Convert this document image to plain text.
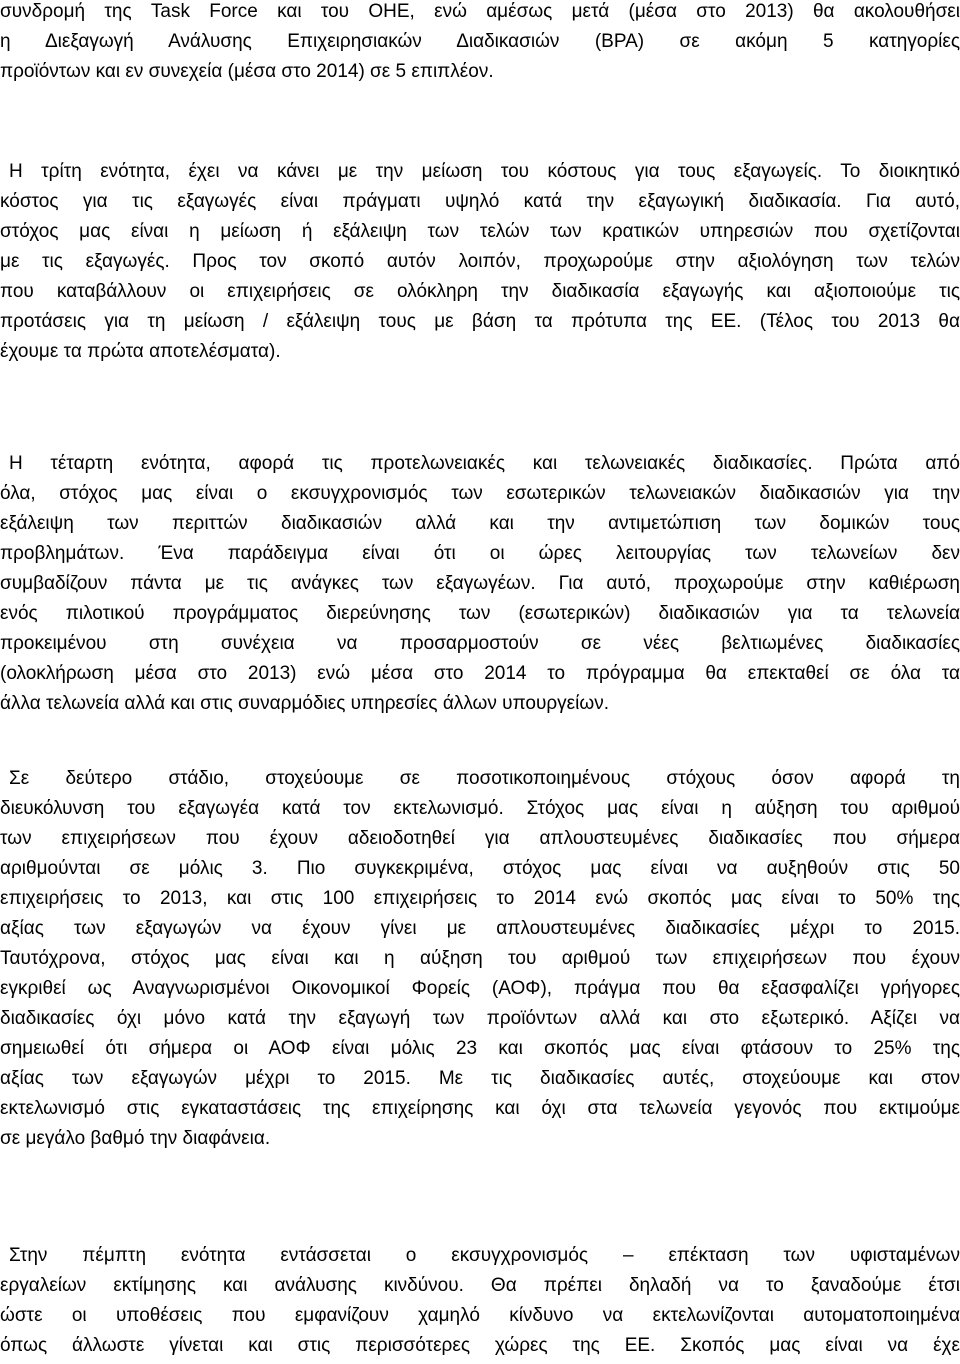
συνδρομή της Task Force και του ΟΗΕ, ενώ αμέσως μετά (μέσα στο 2013) θα ακολουθήσει

η Διεξαγωγή Ανάλυσης Επιχειρησιακών Διαδικασιών (BPA) σε ακόμη 5 κατηγορίες

προϊόντων και εν συνεχεία (μέσα στο 2014) σε 5 επιπλέον.

Η τρίτη ενότητα, έχει να κάνει με την μείωση του κόστους για τους εξαγωγείς. Το διοικητικό

κόστος για τις εξαγωγές είναι πράγματι υψηλό κατά την εξαγωγική διαδικασία. Για αυτό,

στόχος μας είναι η μείωση ή εξάλειψη των τελών των κρατικών υπηρεσιών που σχετίζονται

με τις εξαγωγές. Προς τον σκοπό αυτόν λοιπόν, προχωρούμε στην αξιολόγηση των τελών

που καταβάλλουν οι επιχειρήσεις σε ολόκληρη την διαδικασία εξαγωγής και αξιοποιούμε τις

προτάσεις για τη μείωση / εξάλειψη τους με βάση τα πρότυπα της ΕΕ. (Τέλος του 2013 θα

έχουμε τα πρώτα αποτελέσματα).

Η τέταρτη ενότητα, αφορά τις προτελωνειακές και τελωνειακές διαδικασίες. Πρώτα από

όλα, στόχος μας είναι ο εκσυγχρονισμός των εσωτερικών τελωνειακών διαδικασιών για την

εξάλειψη των περιττών διαδικασιών αλλά και την αντιμετώπιση των δομικών τους

προβλημάτων. Ένα παράδειγμα είναι ότι οι ώρες λειτουργίας των τελωνείων δεν

συμβαδίζουν πάντα με τις ανάγκες των εξαγωγέων. Για αυτό, προχωρούμε στην καθιέρωση

ενός πιλοτικού προγράμματος διερεύνησης των (εσωτερικών) διαδικασιών για τα τελωνεία

προκειμένου στη συνέχεια να προσαρμοστούν σε νέες βελτιωμένες διαδικασίες

(ολοκλήρωση μέσα στο 2013) ενώ μέσα στο 2014 το πρόγραμμα θα επεκταθεί σε όλα τα

άλλα τελωνεία αλλά και στις συναρμόδιες υπηρεσίες άλλων υπουργείων.

Σε δεύτερο στάδιο, στοχεύουμε σε ποσοτικοποιημένους στόχους όσον αφορά τη

διευκόλυνση του εξαγωγέα κατά τον εκτελωνισμό. Στόχος μας είναι η αύξηση του αριθμού

των επιχειρήσεων που έχουν αδειοδοτηθεί για απλουστευμένες διαδικασίες που σήμερα

αριθμούνται σε μόλις 3. Πιο συγκεκριμένα, στόχος μας είναι να αυξηθούν στις 50

επιχειρήσεις το 2013, και στις 100 επιχειρήσεις το 2014 ενώ σκοπός μας είναι το 50% της

αξίας των εξαγωγών να έχουν γίνει με απλουστευμένες διαδικασίες μέχρι το 2015.

Ταυτόχρονα, στόχος μας είναι και η αύξηση του αριθμού των επιχειρήσεων που έχουν

εγκριθεί ως Αναγνωρισμένοι Οικονομικοί Φορείς (ΑΟΦ), πράγμα που θα εξασφαλίζει γρήγορες

διαδικασίες όχι μόνο κατά την εξαγωγή των προϊόντων αλλά και στο εξωτερικό. Αξίζει να

σημειωθεί ότι σήμερα οι ΑΟΦ είναι μόλις 23 και σκοπός μας είναι φτάσουν το 25% της

αξίας των εξαγωγών μέχρι το 2015. Με τις διαδικασίες αυτές, στοχεύουμε και στον

εκτελωνισμό στις εγκαταστάσεις της επιχείρησης και όχι στα τελωνεία γεγονός που εκτιμούμε

σε μεγάλο βαθμό την διαφάνεια.

Στην πέμπτη ενότητα εντάσσεται ο εκσυγχρονισμός – επέκταση των υφισταμένων

εργαλείων εκτίμησης και ανάλυσης κινδύνου. Θα πρέπει δηλαδή να το ξαναδούμε έτσι

ώστε οι υποθέσεις που εμφανίζουν χαμηλό κίνδυνο να εκτελωνίζονται αυτοματοποιημένα

όπως άλλωστε γίνεται και στις περισσότερες χώρες της ΕΕ. Σκοπός μας είναι να έχε
